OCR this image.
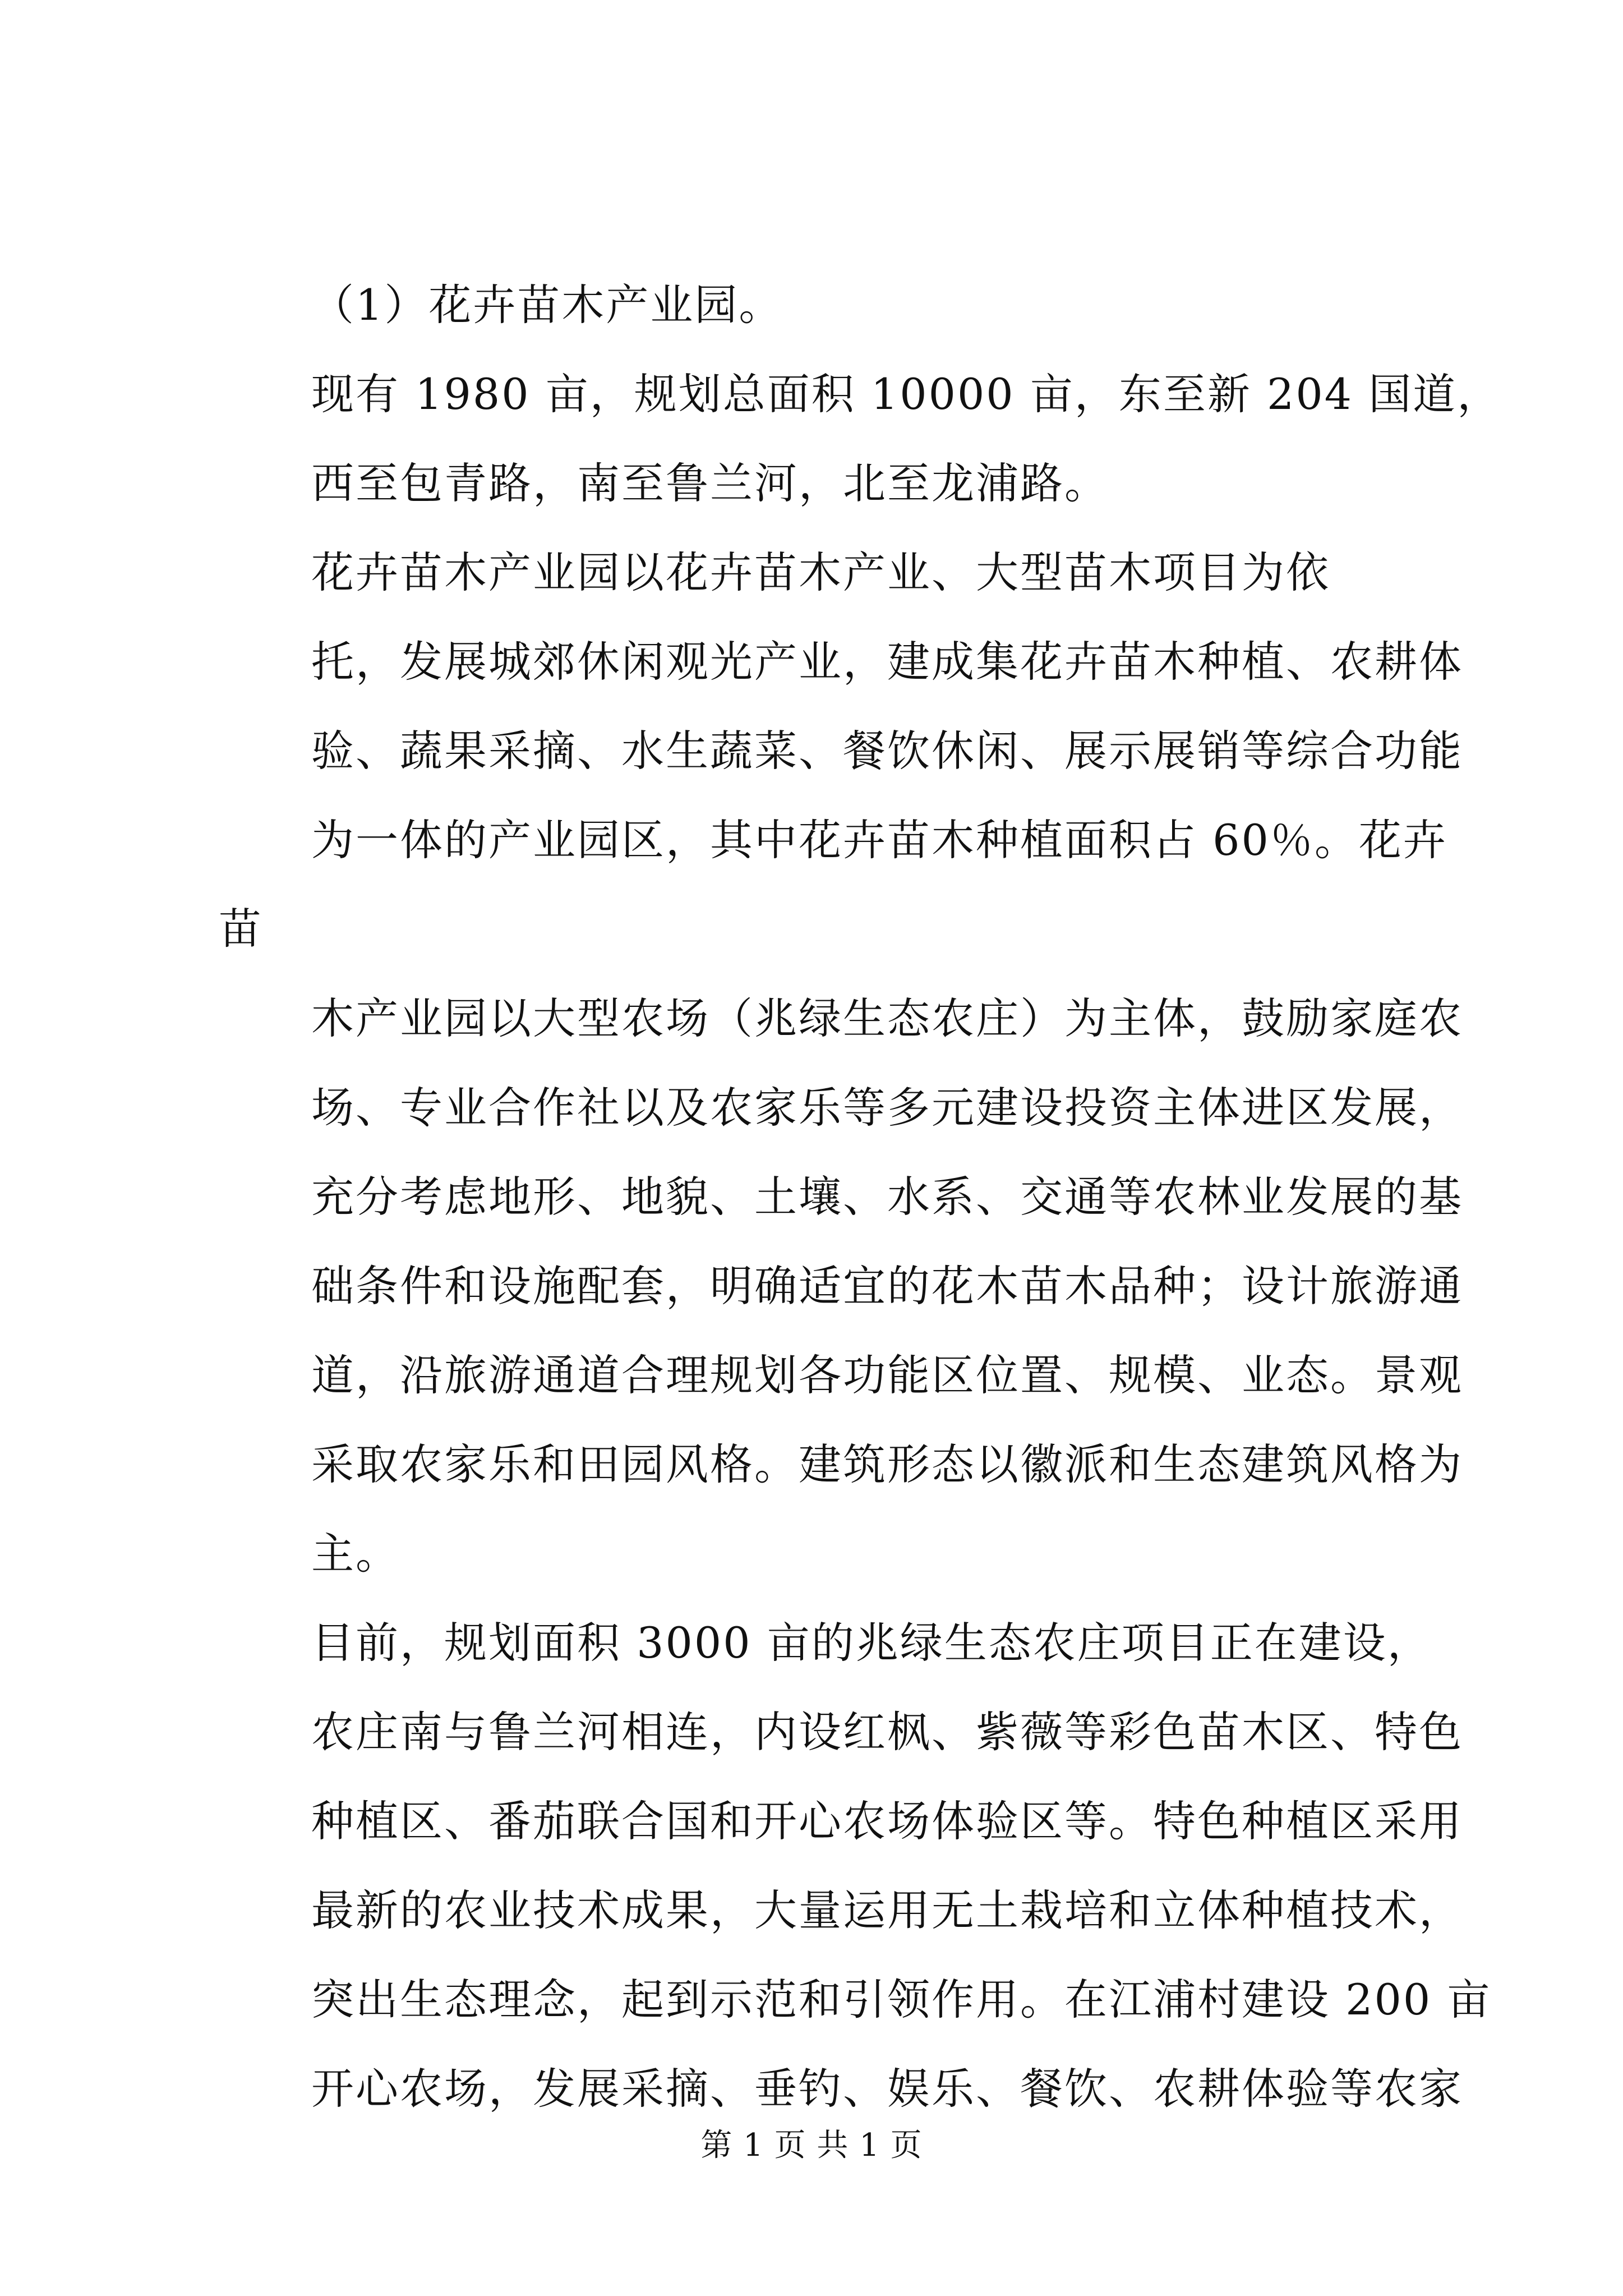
（1）花卉苗木产业园。
现有 1980 亩，规划总面积 10000 亩，东至新 204 国道，
西至包青路，南至鲁兰河，北至龙浦路。
花卉苗木产业园以花卉苗木产业、大型苗木项目为依
托，发展城郊休闲观光产业，建成集花卉苗木种植、农耕体
验、蔬果采摘、水生蔬菜、餐饮休闲、展示展销等综合功能
为一体的产业园区，其中花卉苗木种植面积占 60％。花卉
苗
木产业园以大型农场（兆绿生态农庄）为主体，鼓励家庭农
场、专业合作社以及农家乐等多元建设投资主体进区发展，
充分考虑地形、地貌、土壤、水系、交通等农林业发展的基
础条件和设施配套，明确适宜的花木苗木品种；设计旅游通
道，沿旅游通道合理规划各功能区位置、规模、业态。景观
采取农家乐和田园风格。建筑形态以徽派和生态建筑风格为
主。
目前，规划面积 3000 亩的兆绿生态农庄项目正在建设，
农庄南与鲁兰河相连，内设红枫、紫薇等彩色苗木区、特色
种植区、番茄联合国和开心农场体验区等。特色种植区采用
最新的农业技术成果，大量运用无土栽培和立体种植技术，
突出生态理念，起到示范和引领作用。在江浦村建设 200 亩
开心农场，发展采摘、垂钓、娱乐、餐饮、农耕体验等农家
第 1 页 共 1 页
